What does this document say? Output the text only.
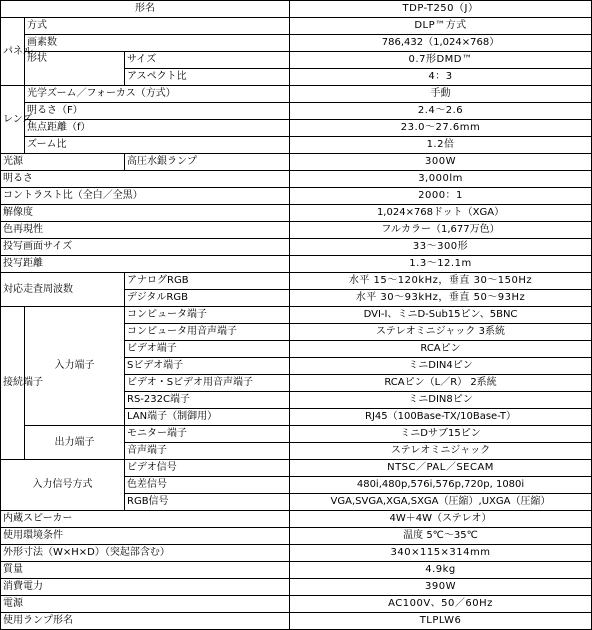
形名			TDP-T250（J）
パネル	方式		DLP™方式
	画素数		786,432（1,024×768）
	形状	サイズ	0.7形DMD™
		アスペクト比	4：3
レンズ	光学ズーム／フォーカス（方式）		手動
	明るさ（F）		2.4〜2.6
	焦点距離（f）		23.0〜27.6mm
	ズーム比		1.2倍
光源		高圧水銀ランプ	300W
明るさ			3,000lm
コントラスト比（全白／全黒）			2000：1
解像度			1,024×768ドット（XGA）
色再現性			フルカラー（1,677万色）
投写画面サイズ			33〜300形
投写距離			1.3〜12.1m
対応走査周波数		アナログRGB	水平 15〜120kHz，垂直 30〜150Hz
		デジタルRGB	水平 30〜93kHz，垂直 50〜93Hz
接続端子	入力端子	コンピュータ端子	DVI-I、ミニD-Sub15ピン、5BNC
		コンピュータ用音声端子	ステレオミニジャック 3系統
		ビデオ端子	RCAピン
		Sビデオ端子	ミニDIN4ピン
		ビデオ・Sビデオ用音声端子	RCAピン（L／R） 2系統
		RS-232C端子	ミニDIN8ピン
		LAN端子（制御用）	RJ45（100Base-TX/10Base-T）
	出力端子	モニター端子	ミニDサブ15ピン
		音声端子	ステレオミニジャック
入力信号方式		ビデオ信号	NTSC／PAL／SECAM
		色差信号	480i,480p,576i,576p,720p, 1080i
		RGB信号	VGA,SVGA,XGA,SXGA（圧縮）,UXGA（圧縮）
内蔵スピーカー			4W＋4W（ステレオ）
使用環境条件			温度 5℃〜35℃
外形寸法（W×H×D）（突起部含む）			340×115×314mm
質量			4.9kg
消費電力			390W
電源			AC100V、50／60Hz
使用ランプ形名			TLPLW6
